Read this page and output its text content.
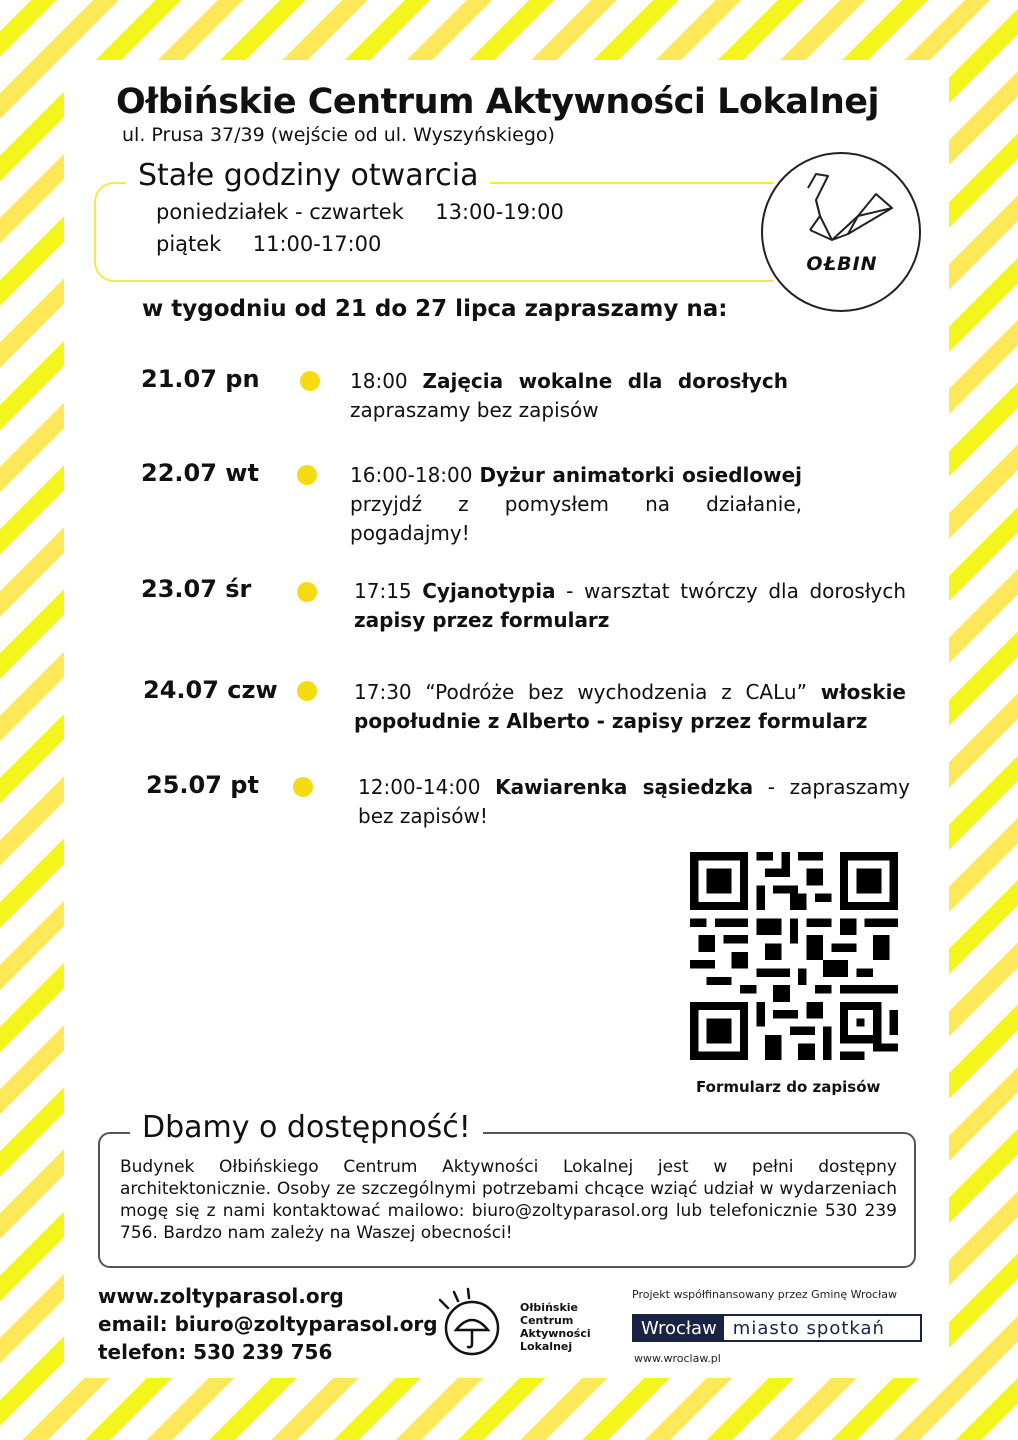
Ołbińskie Centrum Aktywności Lokalnej
ul. Prusa 37/39 (wejście od ul. Wyszyńskiego)
Stałe godziny otwarcia
poniedziałek - czwartek 13:00-19:00
piątek 11:00-17:00
OŁBIN
w tygodniu od 21 do 27 lipca zapraszamy na:
21.07 pn	18:00 Zajęcia wokalne dla dorosłych zapraszamy bez zapisów
22.07 wt	16:00-18:00 Dyżur animatorki osiedlowej przyjdź z pomysłem na działanie, pogadajmy!
23.07 śr	17:15 Cyjanotypia - warsztat twórczy dla dorosłych zapisy przez formularz
24.07 czw	17:30 “Podróże bez wychodzenia z CALu” włoskie popołudnie z Alberto - zapisy przez formularz
25.07 pt	12:00-14:00 Kawiarenka sąsiedzka - zapraszamy bez zapisów!
Formularz do zapisów
Dbamy o dostępność!
Budynek Ołbińskiego Centrum Aktywności Lokalnej jest w pełni dostępny architektonicznie. Osoby ze szczególnymi potrzebami chcące wziąć udział w wydarzeniach mogę się z nami kontaktować mailowo: biuro@zoltyparasol.org lub telefonicznie 530 239 756. Bardzo nam zależy na Waszej obecności!
www.zoltyparasol.org
email: biuro@zoltyparasol.org
telefon: 530 239 756
Ołbińskie
Centrum
Aktywności
Lokalnej
Projekt współfinansowany przez Gminę Wrocław
Wrocław miasto spotkań
www.wroclaw.pl
